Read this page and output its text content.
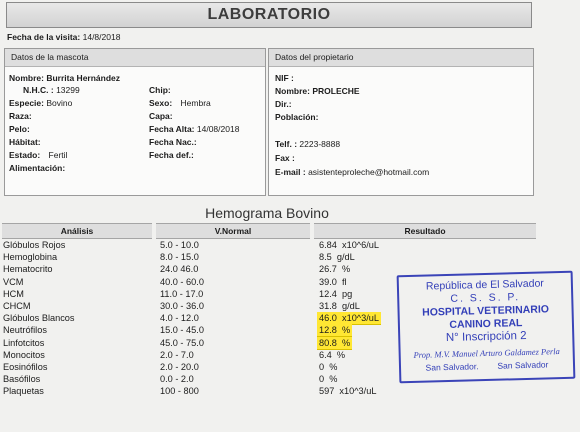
LABORATORIO
Fecha de la visita: 14/8/2018
Datos de la mascota
Nombre: Burrita Hernández
N.H.C. : 13299
Especie: Bovino
Raza:
Pelo:
Hábitat:
Estado: Fertil
Alimentación:
Chip:
Sexo: Hembra
Capa:
Fecha Alta: 14/08/2018
Fecha Nac.:
Fecha def.:
Datos del propietario
NIF :
Nombre: PROLECHE
Dir.:
Población:
Telf. : 2223-8888
Fax :
E-mail : asistenteproleche@hotmail.com
Hemograma Bovino
Análisis	V.Normal	Resultado
Glóbulos Rojos	5.0 - 10.0	6.84  x10^6/uL
Hemoglobina	8.0 - 15.0	8.5  g/dL
Hematocrito	24.0 46.0	26.7  %
VCM	40.0 - 60.0	39.0  fl
HCM	11.0 - 17.0	12.4  pg
CHCM	30.0 - 36.0	31.8  g/dL
Glóbulos Blancos	4.0 - 12.0	46.0  x10^3/uL
Neutrófilos	15.0 - 45.0	12.8  %
Linfotcitos	45.0 - 75.0	80.8  %
Monocitos	2.0 - 7.0	6.4  %
Eosinófilos	2.0 - 20.0	0  %
Basófilos	0.0 - 2.0	0  %
Plaquetas	100 - 800	597  x10^3/uL
República de El Salvador
C. S. S. P.
HOSPITAL VETERINARIO
CANINO REAL
N° Inscripción 2
Prop. M.V. Manuel Arturo Galdamez Perla
San Salvador.        San Salvador
